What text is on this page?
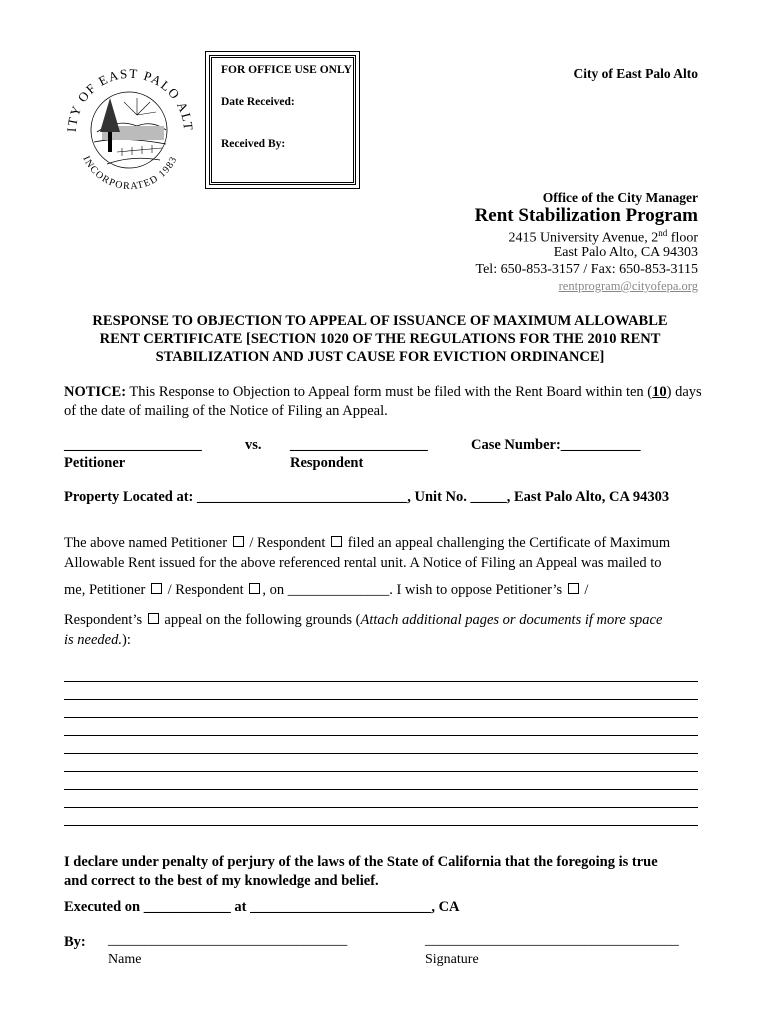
ITY OF EAST PALO ALT
INCORPORATED 1983
FOR OFFICE USE ONLY
Date Received:
Received By:
City of East Palo Alto
Office of the City Manager
Rent Stabilization Program
2415 University Avenue, 2nd floor
East Palo Alto, CA 94303
Tel: 650-853-3157 / Fax: 650-853-3115
rentprogram@cityofepa.org
RESPONSE TO OBJECTION TO APPEAL OF ISSUANCE OF MAXIMUM ALLOWABLE
RENT CERTIFICATE [SECTION 1020 OF THE REGULATIONS FOR THE 2010 RENT
STABILIZATION AND JUST CAUSE FOR EVICTION ORDINANCE]
NOTICE: This Response to Objection to Appeal form must be filed with the Rent Board within ten (10) days of the date of mailing of the Notice of Filing an Appeal.
___________________	vs. ___________________	Case Number:___________
Petitioner	Respondent
Property Located at: _____________________________, Unit No. _____, East Palo Alto, CA 94303
The above named Petitioner  / Respondent  filed an appeal challenging the Certificate of Maximum
Allowable Rent issued for the above referenced rental unit. A Notice of Filing an Appeal was mailed to
me, Petitioner  / Respondent , on ______________. I wish to oppose Petitioner’s  /
Respondent’s  appeal on the following grounds (Attach additional pages or documents if more space
is needed.):
I declare under penalty of perjury of the laws of the State of California that the foregoing is true
and correct to the best of my knowledge and belief.
Executed on ____________ at _________________________, CA
By: _________________________________	___________________________________
Name	Signature
